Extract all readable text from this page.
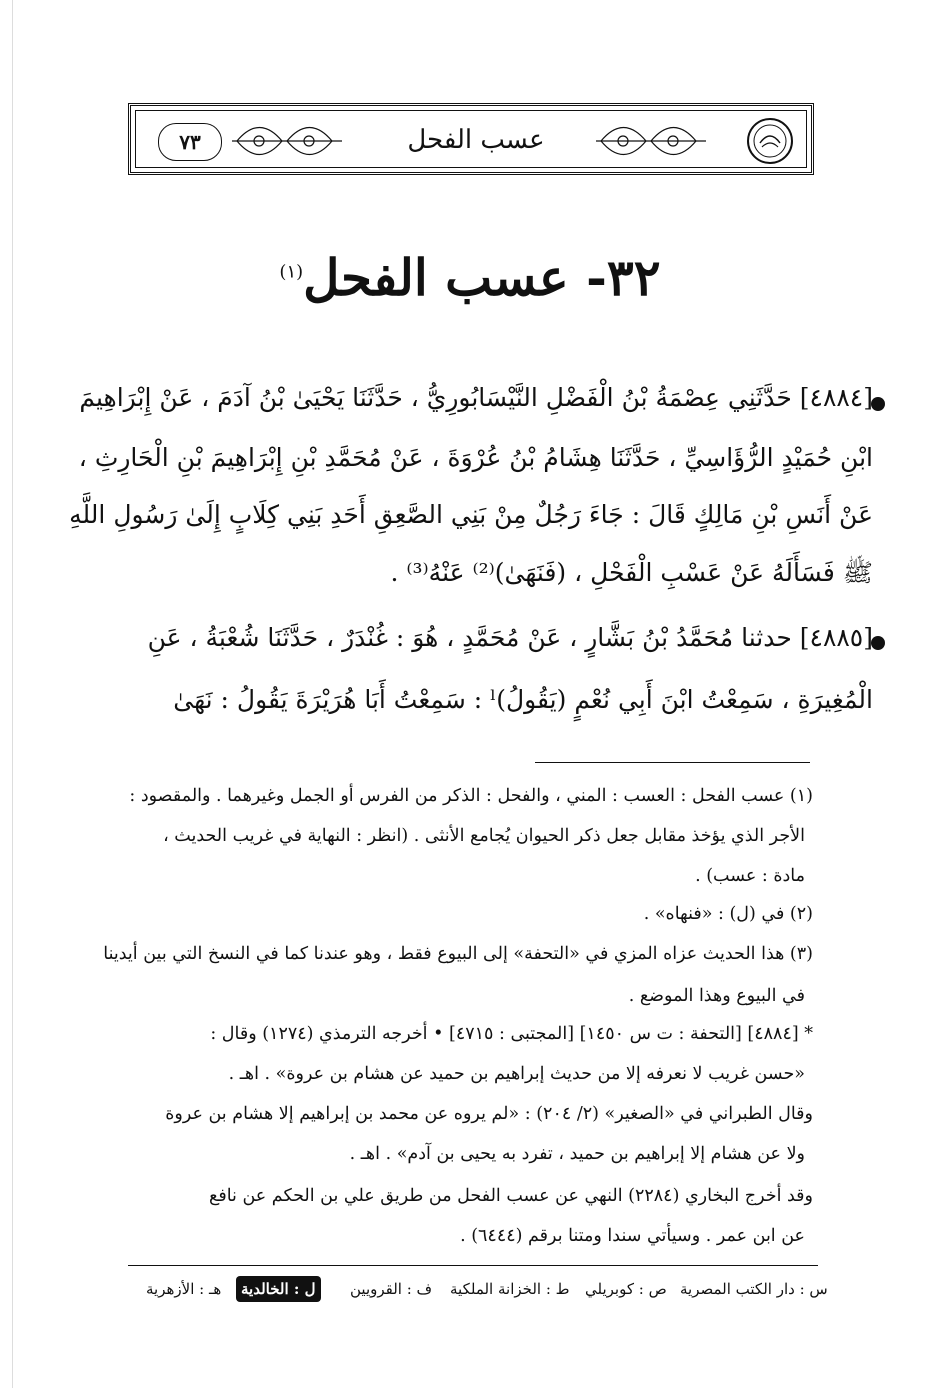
٧٣	عسب الفحل
٣٢- عسب الفحل$^{(١)}$
[٤٨٨٤] حَدَّثَنِي عِصْمَةُ بْنُ الْفَضْلِ النَّيْسَابُورِيُّ ، حَدَّثَنَا يَحْيَىٰ بْنُ آدَمَ ، عَنْ إِبْرَاهِيمَ
ابْنِ حُمَيْدٍ الرُّؤَاسِيِّ ، حَدَّثَنَا هِشَامُ بْنُ عُرْوَةَ ، عَنْ مُحَمَّدِ بْنِ إِبْرَاهِيمَ بْنِ الْحَارِثِ ،
عَنْ أَنَسِ بْنِ مَالِكٍ قَالَ : جَاءَ رَجُلٌ مِنْ بَنِي الصَّعِقِ أَحَدِ بَنِي كِلَابٍ إِلَىٰ رَسُولِ اللَّهِ
ﷺ فَسَأَلَهُ عَنْ عَسْبِ الْفَحْلِ ، (فَنَهَىٰ)⁽²⁾ عَنْهُ⁽³⁾ .
[٤٨٨٥] حدثنا مُحَمَّدُ بْنُ بَشَّارٍ ، عَنْ مُحَمَّدٍ ، هُوَ : غُنْدَرٌ ، حَدَّثَنَا شُعْبَةُ ، عَنِ
الْمُغِيرَةِ ، سَمِعْتُ ابْنَ أَبِي نُعْمٍ (يَقُولُ)ˡ : سَمِعْتُ أَبَا هُرَيْرَةَ يَقُولُ : نَهَىٰ
(١) عسب الفحل : العسب : المني ، والفحل : الذكر من الفرس أو الجمل وغيرهما . والمقصود :
الأجر الذي يؤخذ مقابل جعل ذكر الحيوان يُجامع الأنثى . (انظر : النهاية في غريب الحديث ،
مادة : عسب) .
(٢) في (ل) : «فنهاه» .
(٣) هذا الحديث عزاه المزي في «التحفة» إلى البيوع فقط ، وهو عندنا كما في النسخ التي بين أيدينا
في البيوع وهذا الموضع .
* [٤٨٨٤] [التحفة : ت س ١٤٥٠] [المجتبى : ٤٧١٥] • أخرجه الترمذي (١٢٧٤) وقال :
«حسن غريب لا نعرفه إلا من حديث إبراهيم بن حميد عن هشام بن عروة» . اهـ .
وقال الطبراني في «الصغير» (٢/ ٢٠٤) : «لم يروه عن محمد بن إبراهيم إلا هشام بن عروة
ولا عن هشام إلا إبراهيم بن حميد ، تفرد به يحيى بن آدم» . اهـ .
وقد أخرج البخاري (٢٢٨٤) النهي عن عسب الفحل من طريق علي بن الحكم عن نافع
عن ابن عمر . وسيأتي سندا ومتنا برقم (٦٤٤٤) .
س : دار الكتب المصرية
ص : كوبريلي
ط : الخزانة الملكية
ف : القرويين
ل : الخالدية
هـ : الأزهرية
